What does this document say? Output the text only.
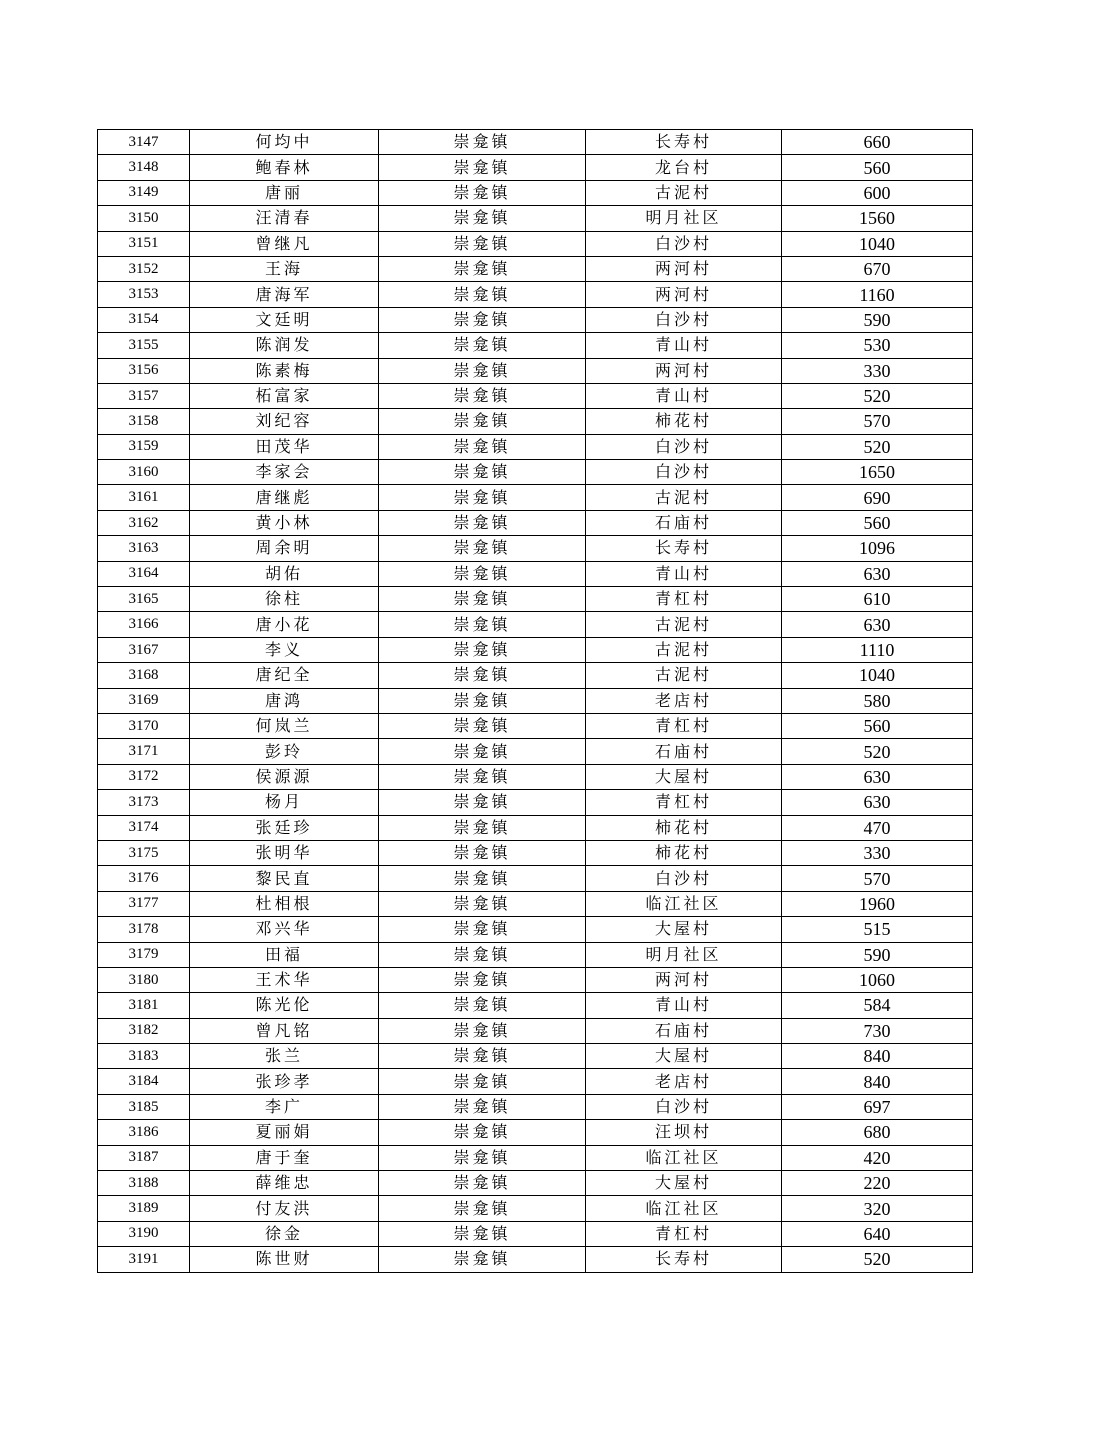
3147	何均中	崇龛镇	长寿村	660
3148	鲍春林	崇龛镇	龙台村	560
3149	唐丽	崇龛镇	古泥村	600
3150	汪清春	崇龛镇	明月社区	1560
3151	曾继凡	崇龛镇	白沙村	1040
3152	王海	崇龛镇	两河村	670
3153	唐海军	崇龛镇	两河村	1160
3154	文廷明	崇龛镇	白沙村	590
3155	陈润发	崇龛镇	青山村	530
3156	陈素梅	崇龛镇	两河村	330
3157	柘富家	崇龛镇	青山村	520
3158	刘纪容	崇龛镇	柿花村	570
3159	田茂华	崇龛镇	白沙村	520
3160	李家会	崇龛镇	白沙村	1650
3161	唐继彪	崇龛镇	古泥村	690
3162	黄小林	崇龛镇	石庙村	560
3163	周余明	崇龛镇	长寿村	1096
3164	胡佑	崇龛镇	青山村	630
3165	徐柱	崇龛镇	青杠村	610
3166	唐小花	崇龛镇	古泥村	630
3167	李义	崇龛镇	古泥村	1110
3168	唐纪全	崇龛镇	古泥村	1040
3169	唐鸿	崇龛镇	老店村	580
3170	何岚兰	崇龛镇	青杠村	560
3171	彭玲	崇龛镇	石庙村	520
3172	侯源源	崇龛镇	大屋村	630
3173	杨月	崇龛镇	青杠村	630
3174	张廷珍	崇龛镇	柿花村	470
3175	张明华	崇龛镇	柿花村	330
3176	黎民直	崇龛镇	白沙村	570
3177	杜相根	崇龛镇	临江社区	1960
3178	邓兴华	崇龛镇	大屋村	515
3179	田福	崇龛镇	明月社区	590
3180	王术华	崇龛镇	两河村	1060
3181	陈光伦	崇龛镇	青山村	584
3182	曾凡铭	崇龛镇	石庙村	730
3183	张兰	崇龛镇	大屋村	840
3184	张珍孝	崇龛镇	老店村	840
3185	李广	崇龛镇	白沙村	697
3186	夏丽娟	崇龛镇	汪坝村	680
3187	唐于奎	崇龛镇	临江社区	420
3188	薛维忠	崇龛镇	大屋村	220
3189	付友洪	崇龛镇	临江社区	320
3190	徐金	崇龛镇	青杠村	640
3191	陈世财	崇龛镇	长寿村	520
